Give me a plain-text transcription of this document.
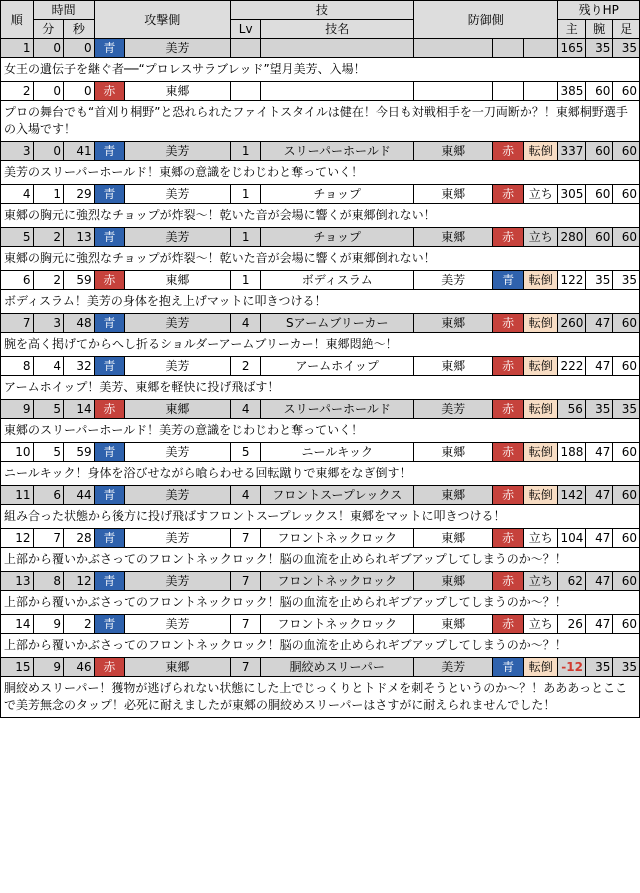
順	時間		攻撃側		技		防御側			残りHP		
	分	秒			Lv	技名				主	腕	足
1	0	0	青	美芳						165	35	35
女王の遺伝子を継ぐ者──“プロレスサラブレッド”望月美芳、入場！												
2	0	0	赤	東郷						385	60	60
プロの舞台でも“首刈り桐野”と恐れられたファイトスタイルは健在！今日も対戦相手を一刀両断か？！東郷桐野選手の入場です！												
3	0	41	青	美芳	1	スリーパーホールド	東郷	赤	転倒	337	60	60
美芳のスリーパーホールド！東郷の意識をじわじわと奪っていく！												
4	1	29	青	美芳	1	チョップ	東郷	赤	立ち	305	60	60
東郷の胸元に強烈なチョップが炸裂～！乾いた音が会場に響くが東郷倒れない！												
5	2	13	青	美芳	1	チョップ	東郷	赤	立ち	280	60	60
東郷の胸元に強烈なチョップが炸裂～！乾いた音が会場に響くが東郷倒れない！												
6	2	59	赤	東郷	1	ボディスラム	美芳	青	転倒	122	35	35
ボディスラム！美芳の身体を抱え上げマットに叩きつける！												
7	3	48	青	美芳	4	Sアームブリーカー	東郷	赤	転倒	260	47	60
腕を高く掲げてからへし折るショルダーアームブリーカー！東郷悶絶～！												
8	4	32	青	美芳	2	アームホイップ	東郷	赤	転倒	222	47	60
アームホイップ！美芳、東郷を軽快に投げ飛ばす！												
9	5	14	赤	東郷	4	スリーパーホールド	美芳	赤	転倒	56	35	35
東郷のスリーパーホールド！美芳の意識をじわじわと奪っていく！												
10	5	59	青	美芳	5	ニールキック	東郷	赤	転倒	188	47	60
ニールキック！身体を浴びせながら喰らわせる回転蹴りで東郷をなぎ倒す！												
11	6	44	青	美芳	4	フロントスープレックス	東郷	赤	転倒	142	47	60
組み合った状態から後方に投げ飛ばすフロントスープレックス！東郷をマットに叩きつける！												
12	7	28	青	美芳	7	フロントネックロック	東郷	赤	立ち	104	47	60
上部から覆いかぶさってのフロントネックロック！脳の血流を止められギブアップしてしまうのか～？！												
13	8	12	青	美芳	7	フロントネックロック	東郷	赤	立ち	62	47	60
上部から覆いかぶさってのフロントネックロック！脳の血流を止められギブアップしてしまうのか～？！												
14	9	2	青	美芳	7	フロントネックロック	東郷	赤	立ち	26	47	60
上部から覆いかぶさってのフロントネックロック！脳の血流を止められギブアップしてしまうのか～？！												
15	9	46	赤	東郷	7	胴絞めスリーパー	美芳	青	転倒	-12	35	35
胴絞めスリーパー！獲物が逃げられない状態にした上でじっくりとトドメを刺そうというのか～？！あああっとここで美芳無念のタップ！必死に耐えましたが東郷の胴絞めスリーパーはさすがに耐えられませんでした！												
